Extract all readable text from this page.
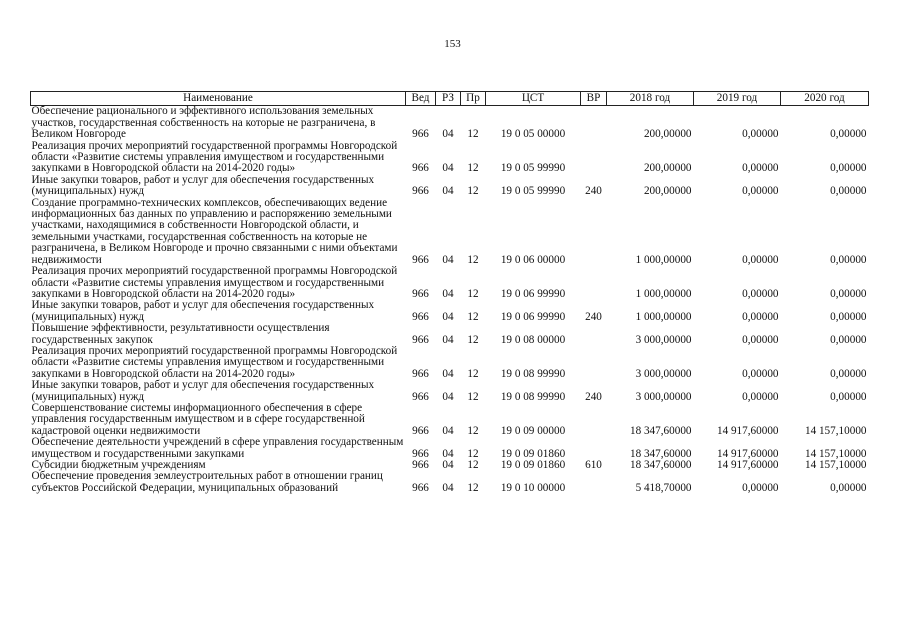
153
Наименование	Вед	РЗ	Пр	ЦСТ	ВР	2018 год	2019 год	2020 год
Обеспечение рационального и эффективного использования земельных участков, государственная собственность на которые не разграничена, в Великом Новгороде	966	04	12	19 0 05 00000		200,00000	0,00000	0,00000
Реализация прочих мероприятий государственной программы Новгородской области «Развитие системы управления имуществом и государственными закупками в Новгородской области на 2014-2020 годы»	966	04	12	19 0 05 99990		200,00000	0,00000	0,00000
Иные закупки товаров, работ и услуг для обеспечения государственных (муниципальных) нужд	966	04	12	19 0 05 99990	240	200,00000	0,00000	0,00000
Создание программно-технических комплексов, обеспечивающих ведение информационных баз данных по управлению и распоряжению земельными участками, находящимися в собственности Новгородской области, и земельными участками, государственная собственность на которые не разграничена, в Великом Новгороде и прочно связанными с ними объектами недвижимости	966	04	12	19 0 06 00000		1 000,00000	0,00000	0,00000
Реализация прочих мероприятий государственной программы Новгородской области «Развитие системы управления имуществом и государственными закупками в Новгородской области на 2014-2020 годы»	966	04	12	19 0 06 99990		1 000,00000	0,00000	0,00000
Иные закупки товаров, работ и услуг для обеспечения государственных (муниципальных) нужд	966	04	12	19 0 06 99990	240	1 000,00000	0,00000	0,00000
Повышение эффективности, результативности осуществления государственных закупок	966	04	12	19 0 08 00000		3 000,00000	0,00000	0,00000
Реализация прочих мероприятий государственной программы Новгородской области «Развитие системы управления имуществом и государственными закупками в Новгородской области на 2014-2020 годы»	966	04	12	19 0 08 99990		3 000,00000	0,00000	0,00000
Иные закупки товаров, работ и услуг для обеспечения государственных (муниципальных) нужд	966	04	12	19 0 08 99990	240	3 000,00000	0,00000	0,00000
Совершенствование системы информационного обеспечения в сфере управления государственным имуществом и в сфере государственной кадастровой оценки недвижимости	966	04	12	19 0 09 00000		18 347,60000	14 917,60000	14 157,10000
Обеспечение деятельности учреждений в сфере управления государственным имуществом и государственными закупками	966	04	12	19 0 09 01860		18 347,60000	14 917,60000	14 157,10000
Субсидии бюджетным учреждениям	966	04	12	19 0 09 01860	610	18 347,60000	14 917,60000	14 157,10000
Обеспечение проведения землеустроительных работ в отношении границ субъектов Российской Федерации, муниципальных образований	966	04	12	19 0 10 00000		5 418,70000	0,00000	0,00000
